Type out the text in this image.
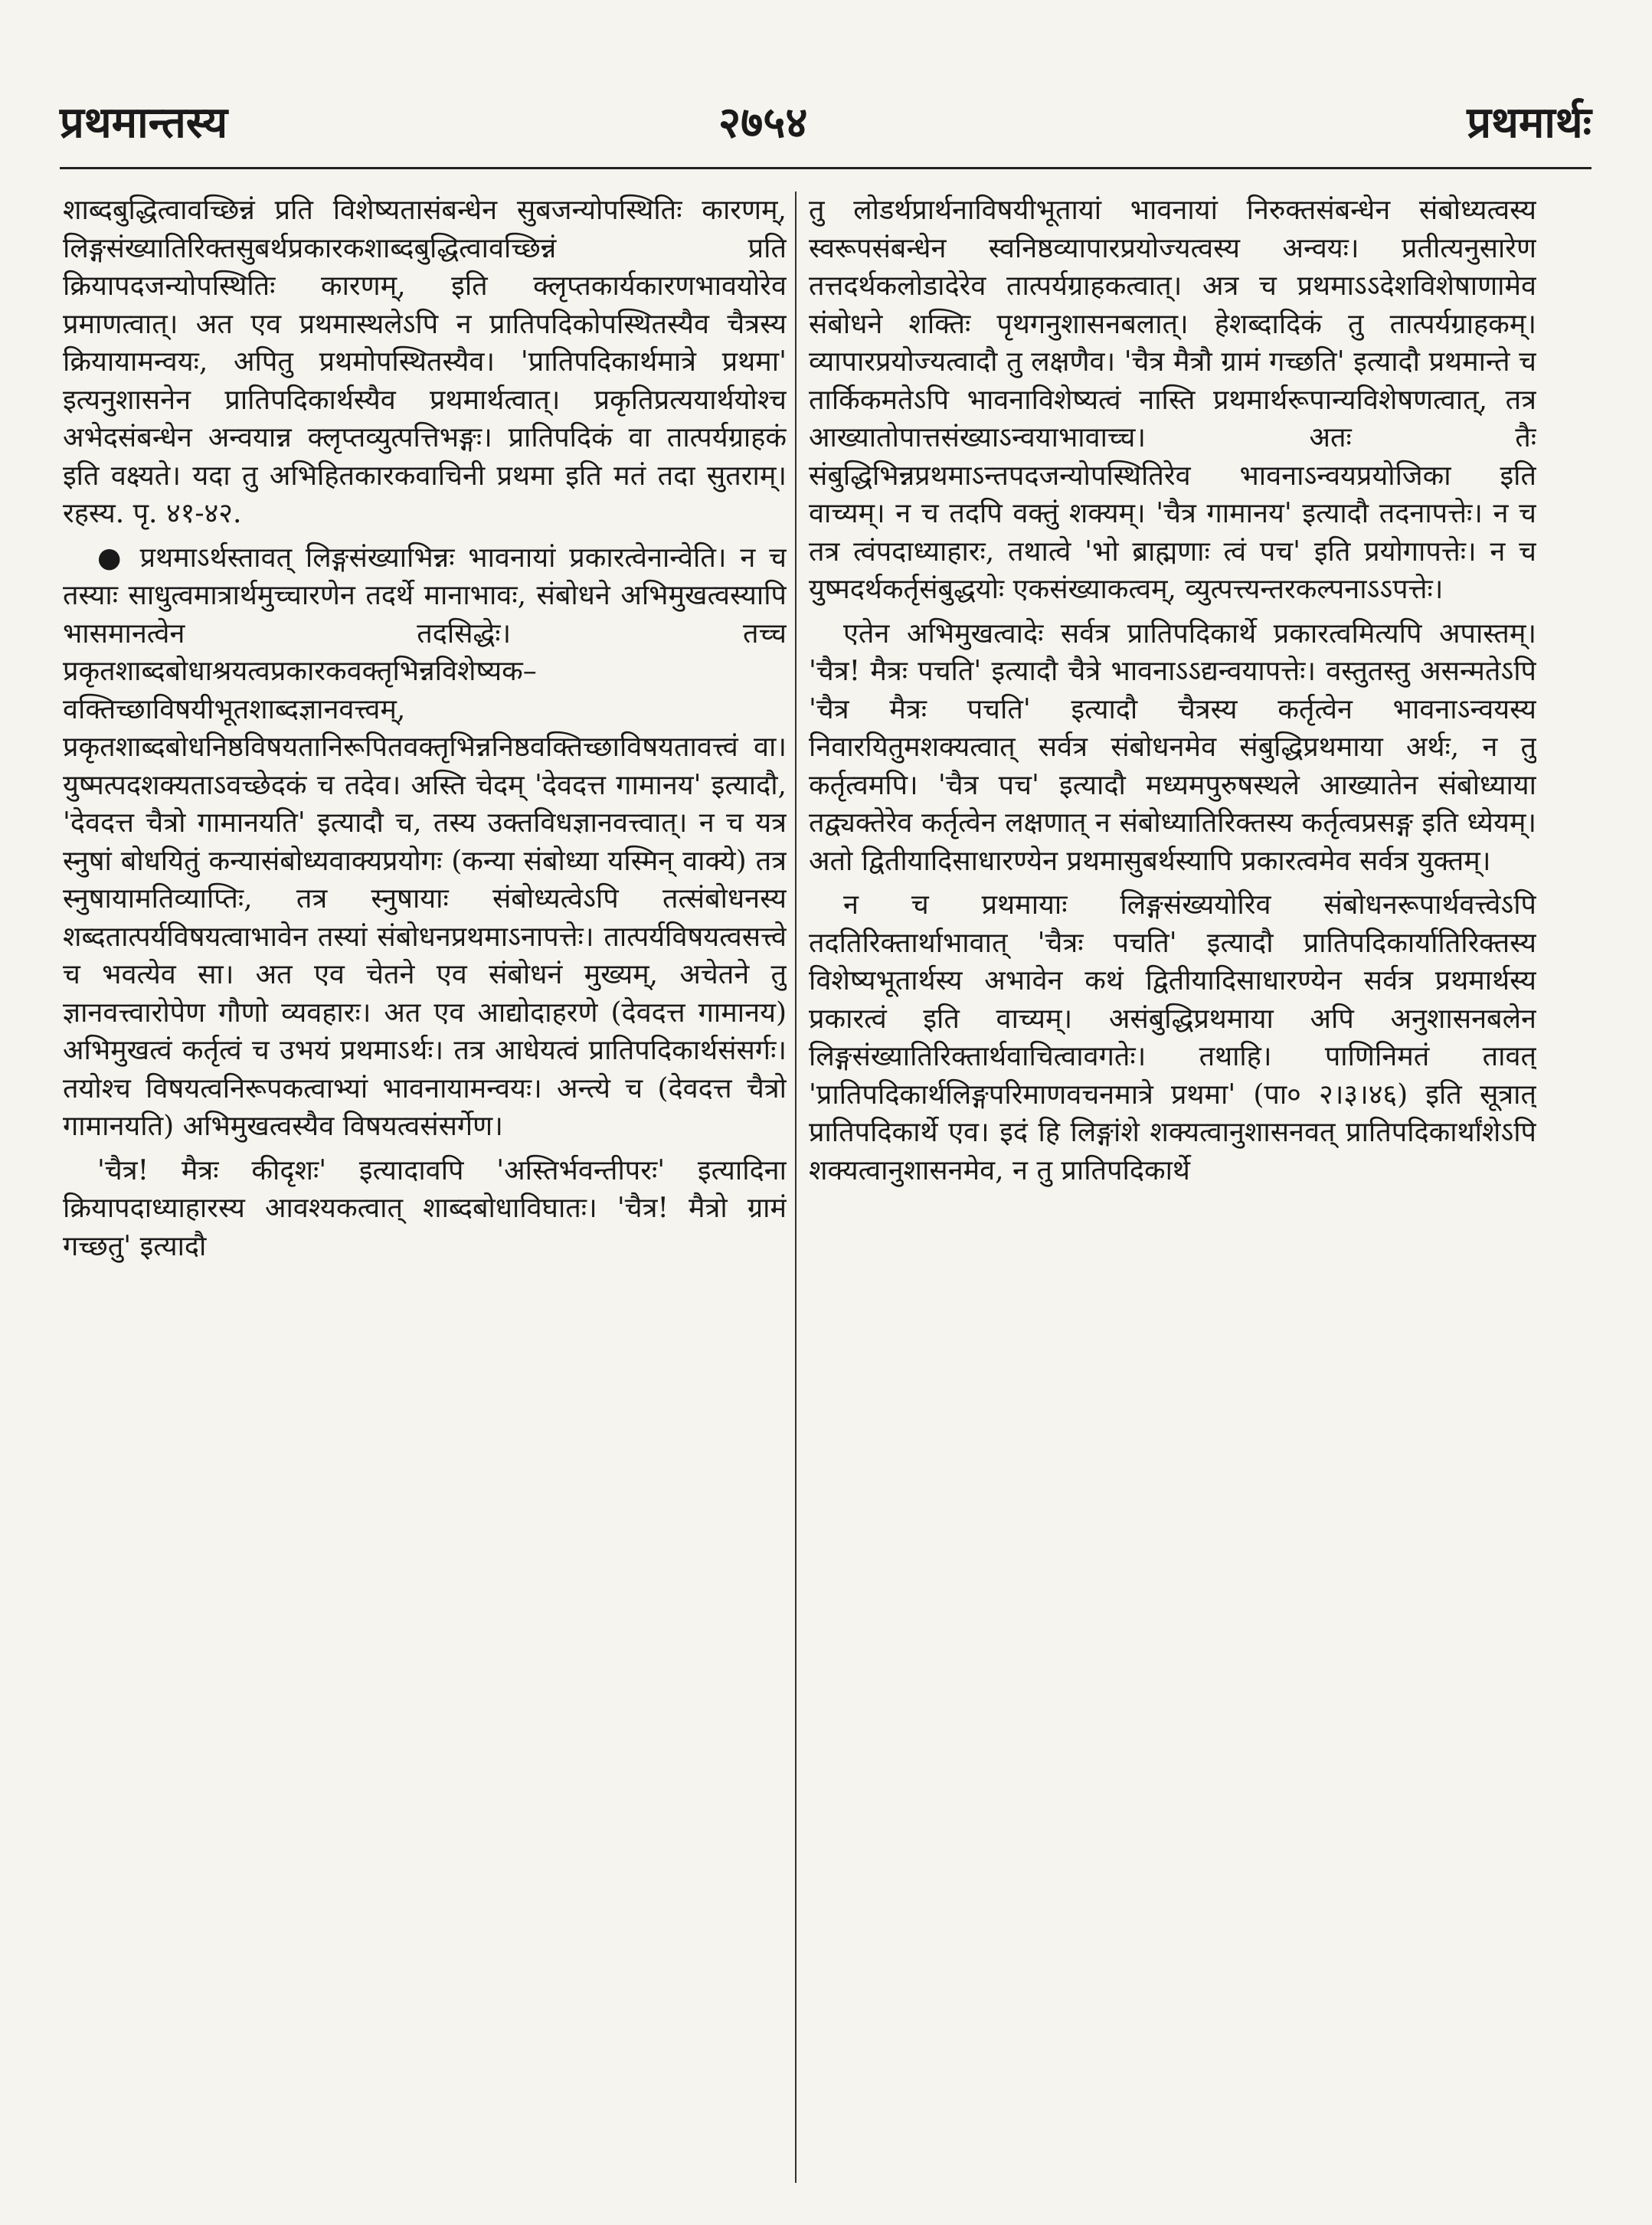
प्रथमान्तस्य	२७५४	प्रथमार्थः

शाब्दबुद्धित्वावच्छिन्नं प्रति विशेष्यतासंबन्धेन सुबजन्योपस्थितिः कारणम्, लिङ्गसंख्यातिरिक्तसुबर्थप्रकारकशाब्दबुद्धित्वावच्छिन्नं प्रति क्रियापदजन्योपस्थितिः कारणम्, इति क्लृप्तकार्यकारणभावयोरेव प्रमाणत्वात्। अत एव प्रथमास्थलेऽपि न प्रातिपदिकोपस्थितस्यैव चैत्रस्य क्रियायामन्वयः, अपितु प्रथमोपस्थितस्यैव। 'प्रातिपदिकार्थमात्रे प्रथमा' इत्यनुशासनेन प्रातिपदिकार्थस्यैव प्रथमार्थत्वात्। प्रकृतिप्रत्ययार्थयोश्च अभेदसंबन्धेन अन्वयान्न क्लृप्तव्युत्पत्तिभङ्गः। प्रातिपदिकं वा तात्पर्यग्राहकं इति वक्ष्यते। यदा तु अभिहितकारकवाचिनी प्रथमा इति मतं तदा सुतराम्। रहस्य. पृ. ४१-४२.

● प्रथमाऽर्थस्तावत् लिङ्गसंख्याभिन्नः भावनायां प्रकारत्वेनान्वेति। न च तस्याः साधुत्वमात्रार्थमुच्चारणेन तदर्थे मानाभावः, संबोधने अभिमुखत्वस्यापि भासमानत्वेन तदसिद्धेः। तच्च प्रकृतशाब्दबोधाश्रयत्वप्रकारकवक्तृभिन्नविशेष्यक–वक्तिच्छाविषयीभूतशाब्दज्ञानवत्त्वम्, प्रकृतशाब्दबोधनिष्ठविषयतानिरूपितवक्तृभिन्ननिष्ठवक्तिच्छाविषयतावत्त्वं वा। युष्मत्पदशक्यताऽवच्छेदकं च तदेव। अस्ति चेदम् 'देवदत्त गामानय' इत्यादौ, 'देवदत्त चैत्रो गामानयति' इत्यादौ च, तस्य उक्तविधज्ञानवत्त्वात्। न च यत्र स्नुषां बोधयितुं कन्यासंबोध्यवाक्यप्रयोगः (कन्या संबोध्या यस्मिन् वाक्ये) तत्र स्नुषायामतिव्याप्तिः, तत्र स्नुषायाः संबोध्यत्वेऽपि तत्संबोधनस्य शब्दतात्पर्यविषयत्वाभावेन तस्यां संबोधनप्रथमाऽनापत्तेः। तात्पर्यविषयत्वसत्त्वे च भवत्येव सा। अत एव चेतने एव संबोधनं मुख्यम्, अचेतने तु ज्ञानवत्त्वारोपेण गौणो व्यवहारः। अत एव आद्योदाहरणे (देवदत्त गामानय) अभिमुखत्वं कर्तृत्वं च उभयं प्रथमाऽर्थः। तत्र आधेयत्वं प्रातिपदिकार्थसंसर्गः। तयोश्च विषयत्वनिरूपकत्वाभ्यां भावनायामन्वयः। अन्त्ये च (देवदत्त चैत्रो गामानयति) अभिमुखत्वस्यैव विषयत्वसंसर्गेण।

'चैत्र! मैत्रः कीदृशः' इत्यादावपि 'अस्तिर्भवन्तीपरः' इत्यादिना क्रियापदाध्याहारस्य आवश्यकत्वात् शाब्दबोधाविघातः। 'चैत्र! मैत्रो ग्रामं गच्छतु' इत्यादौ

तु लोडर्थप्रार्थनाविषयीभूतायां भावनायां निरुक्तसंबन्धेन संबोध्यत्वस्य स्वरूपसंबन्धेन स्वनिष्ठव्यापारप्रयोज्यत्वस्य अन्वयः। प्रतीत्यनुसारेण तत्तदर्थकलोडादेरेव तात्पर्यग्राहकत्वात्। अत्र च प्रथमाऽऽदेशविशेषाणामेव संबोधने शक्तिः पृथगनुशासनबलात्। हेशब्दादिकं तु तात्पर्यग्राहकम्। व्यापारप्रयोज्यत्वादौ तु लक्षणैव। 'चैत्र मैत्रौ ग्रामं गच्छति' इत्यादौ प्रथमान्ते च तार्किकमतेऽपि भावनाविशेष्यत्वं नास्ति प्रथमार्थरूपान्यविशेषणत्वात्, तत्र आख्यातोपात्तसंख्याऽन्वयाभावाच्च। अतः तैः संबुद्धिभिन्नप्रथमाऽन्तपदजन्योपस्थितिरेव भावनाऽन्वयप्रयोजिका इति वाच्यम्। न च तदपि वक्तुं शक्यम्। 'चैत्र गामानय' इत्यादौ तदनापत्तेः। न च तत्र त्वंपदाध्याहारः, तथात्वे 'भो ब्राह्मणाः त्वं पच' इति प्रयोगापत्तेः। न च युष्मदर्थकर्तृसंबुद्धयोः एकसंख्याकत्वम्, व्युत्पत्त्यन्तरकल्पनाऽऽपत्तेः।

एतेन अभिमुखत्वादेः सर्वत्र प्रातिपदिकार्थे प्रकारत्वमित्यपि अपास्तम्। 'चैत्र! मैत्रः पचति' इत्यादौ चैत्रे भावनाऽऽद्यन्वयापत्तेः। वस्तुतस्तु असन्मतेऽपि 'चैत्र मैत्रः पचति' इत्यादौ चैत्रस्य कर्तृत्वेन भावनाऽन्वयस्य निवारयितुमशक्यत्वात् सर्वत्र संबोधनमेव संबुद्धिप्रथमाया अर्थः, न तु कर्तृत्वमपि। 'चैत्र पच' इत्यादौ मध्यमपुरुषस्थले आख्यातेन संबोध्याया तद्व्यक्तेरेव कर्तृत्वेन लक्षणात् न संबोध्यातिरिक्तस्य कर्तृत्वप्रसङ्ग इति ध्येयम्। अतो द्वितीयादिसाधारण्येन प्रथमासुबर्थस्यापि प्रकारत्वमेव सर्वत्र युक्तम्।

न च प्रथमायाः लिङ्गसंख्ययोरिव संबोधनरूपार्थवत्त्वेऽपि तदतिरिक्तार्थाभावात् 'चैत्रः पचति' इत्यादौ प्रातिपदिकार्यातिरिक्तस्य विशेष्यभूतार्थस्य अभावेन कथं द्वितीयादिसाधारण्येन सर्वत्र प्रथमार्थस्य प्रकारत्वं इति वाच्यम्। असंबुद्धिप्रथमाया अपि अनुशासनबलेन लिङ्गसंख्यातिरिक्तार्थवाचित्वावगतेः। तथाहि। पाणिनिमतं तावत् 'प्रातिपदिकार्थलिङ्गपरिमाणवचनमात्रे प्रथमा' (पा० २।३।४६) इति सूत्रात् प्रातिपदिकार्थे एव। इदं हि लिङ्गांशे शक्यत्वानुशासनवत् प्रातिपदिकार्थांशेऽपि शक्यत्वानुशासनमेव, न तु प्रातिपदिकार्थे
